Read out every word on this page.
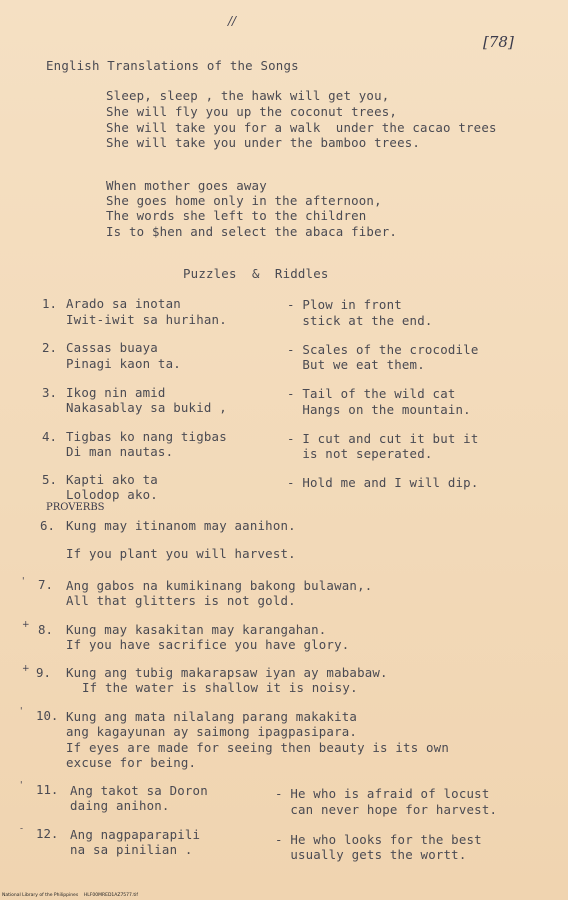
//
[78]
English Translations of the Songs
Sleep, sleep , the hawk will get you,
She will fly you up the coconut trees,
She will take you for a walk  under the cacao trees
She will take you under the bamboo trees.
When mother goes away
She goes home only in the afternoon,
The words she left to the children
Is to $hen and select the abaca fiber.
Puzzles  &  Riddles
1. Arado sa inotan
Iwit-iwit sa hurihan.
- Plow in front
stick at the end.
2. Cassas buaya
Pinagi kaon ta.
- Scales of the crocodile
But we eat them.
3. Ikog nin amid
Nakasablay sa bukid ,
- Tail of the wild cat
Hangs on the mountain.
4. Tigbas ko nang tigbas
Di man nautas.
- I cut and cut it but it
is not seperated.
5. Kapti ako ta
Lolodop ako.
- Hold me and I will dip.
PROVERBS
6. Kung may itinanom may aanihon.
If you plant you will harvest.
' 7. Ang gabos na kumikinang bakong bulawan,.
All that glitters is not gold.
+ 8. Kung may kasakitan may karangahan.
If you have sacrifice you have glory.
+ 9. Kung ang tubig makarapsaw iyan ay mababaw.
If the water is shallow it is noisy.
' 10. Kung ang mata nilalang parang makakita
ang kagayunan ay saimong ipagpasipara.
If eyes are made for seeing then beauty is its own
excuse for being.
' 11. Ang takot sa Doron
daing anihon.
- He who is afraid of locust
can never hope for harvest.
- 12. Ang nagpaparapili
na sa pinilian .
- He who looks for the best
usually gets the wortt.
National Library of the Philippines    HLF00MRED1AZ7577.tif
